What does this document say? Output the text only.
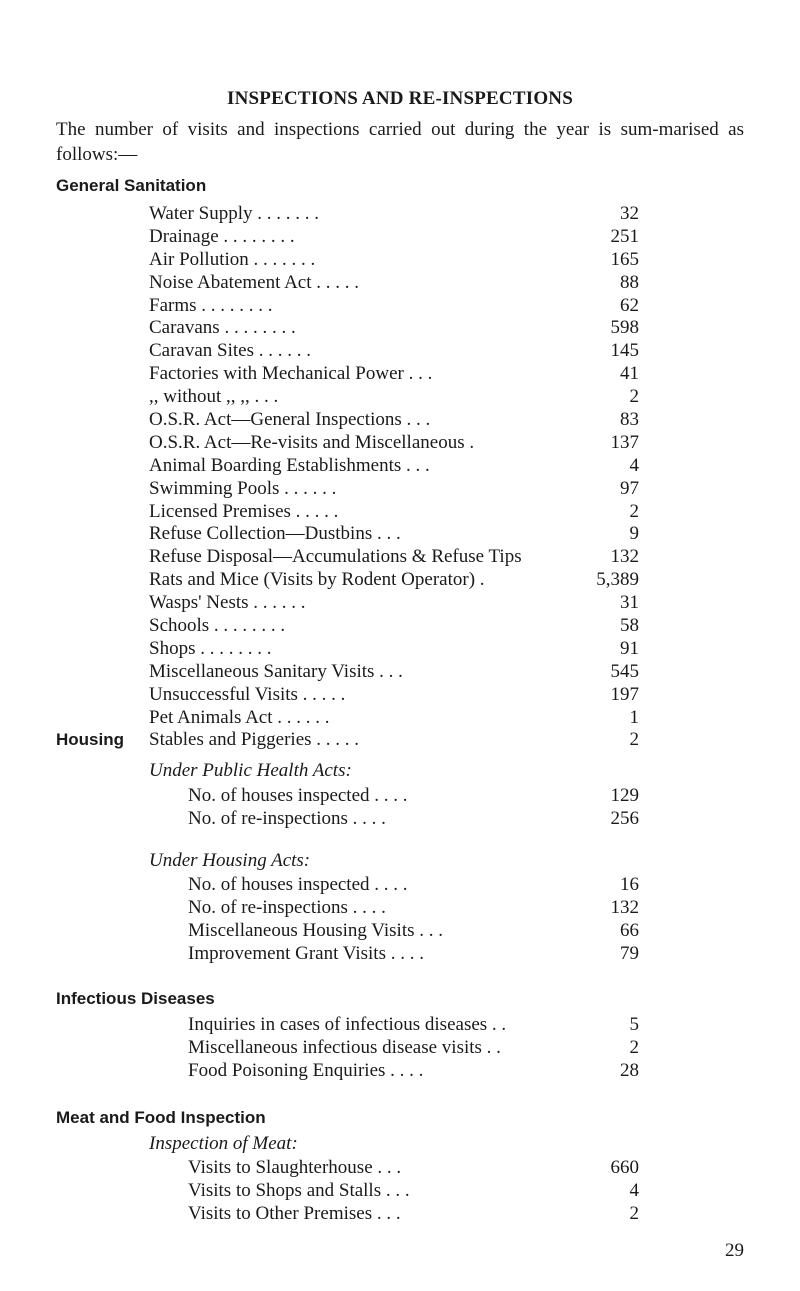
INSPECTIONS AND RE-INSPECTIONS
The number of visits and inspections carried out during the year is sum-marised as follows:—
General Sanitation
Water Supply . . . . . . .	32
Drainage . . . . . . . .	251
Air Pollution . . . . . . .	165
Noise Abatement Act . . . . .	88
Farms . . . . . . . .	62
Caravans . . . . . . . .	598
Caravan Sites . . . . . .	145
Factories with Mechanical Power . . .	41
,, without ,, ,, . . .	2
O.S.R. Act—General Inspections . . .	83
O.S.R. Act—Re-visits and Miscellaneous .	137
Animal Boarding Establishments . . .	4
Swimming Pools . . . . . .	97
Licensed Premises . . . . .	2
Refuse Collection—Dustbins . . .	9
Refuse Disposal—Accumulations & Refuse Tips	132
Rats and Mice (Visits by Rodent Operator) .	5,389
Wasps' Nests . . . . . .	31
Schools . . . . . . . .	58
Shops . . . . . . . .	91
Miscellaneous Sanitary Visits . . .	545
Unsuccessful Visits . . . . .	197
Pet Animals Act . . . . . .	1
Stables and Piggeries . . . . .	2
Housing
Under Public Health Acts:
No. of houses inspected . . . .	129
No. of re-inspections . . . .	256
Under Housing Acts:
No. of houses inspected . . . .	16
No. of re-inspections . . . .	132
Miscellaneous Housing Visits . . .	66
Improvement Grant Visits . . . .	79
Infectious Diseases
Inquiries in cases of infectious diseases . .	5
Miscellaneous infectious disease visits . .	2
Food Poisoning Enquiries . . . .	28
Meat and Food Inspection
Inspection of Meat:
Visits to Slaughterhouse . . .	660
Visits to Shops and Stalls . . .	4
Visits to Other Premises . . .	2
29
